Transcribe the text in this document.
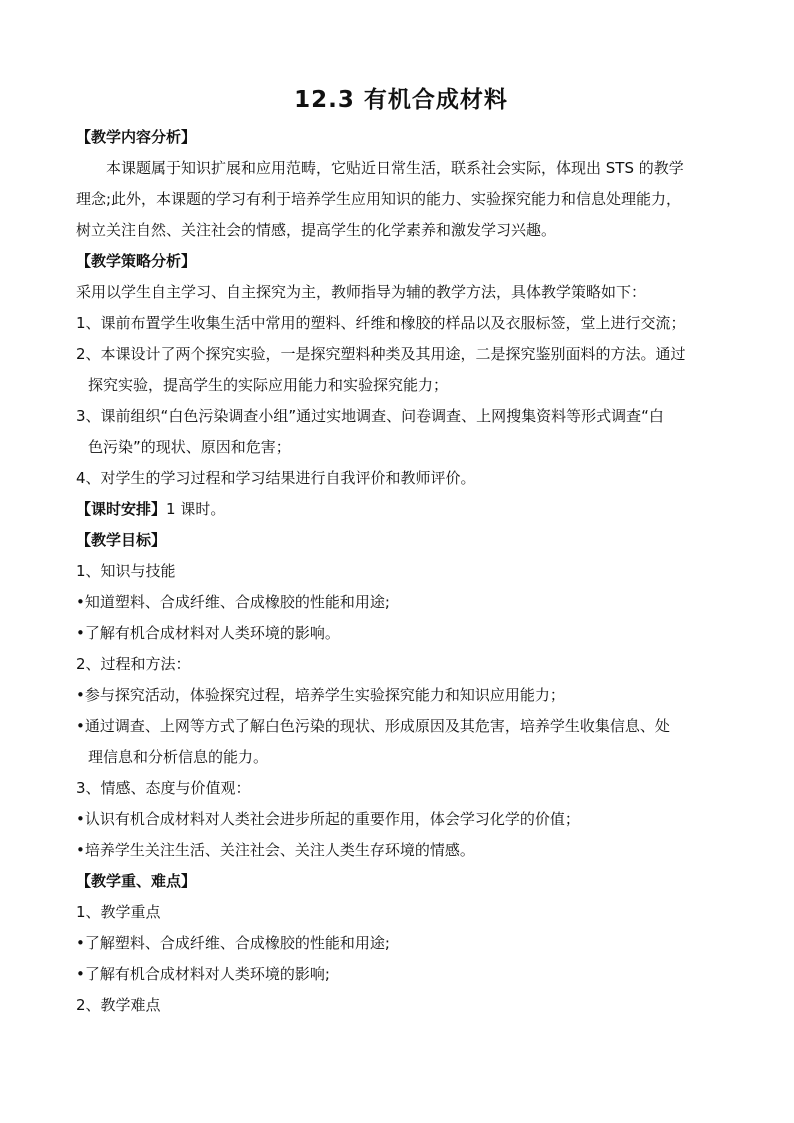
12.3 有机合成材料
【教学内容分析】
本课题属于知识扩展和应用范畴，它贴近日常生活，联系社会实际，体现出 STS 的教学
理念;此外，本课题的学习有利于培养学生应用知识的能力、实验探究能力和信息处理能力，
树立关注自然、关注社会的情感，提高学生的化学素养和激发学习兴趣。
【教学策略分析】
采用以学生自主学习、自主探究为主，教师指导为辅的教学方法，具体教学策略如下：
1、课前布置学生收集生活中常用的塑料、纤维和橡胶的样品以及衣服标签，堂上进行交流；
2、本课设计了两个探究实验，一是探究塑料种类及其用途，二是探究鉴别面料的方法。通过
探究实验，提高学生的实际应用能力和实验探究能力；
3、课前组织“白色污染调查小组”通过实地调查、问卷调查、上网搜集资料等形式调查“白
色污染”的现状、原因和危害；
4、对学生的学习过程和学习结果进行自我评价和教师评价。
【课时安排】1 课时。
【教学目标】
1、知识与技能
•知道塑料、合成纤维、合成橡胶的性能和用途;
•了解有机合成材料对人类环境的影响。
2、过程和方法：
•参与探究活动，体验探究过程，培养学生实验探究能力和知识应用能力；
•通过调查、上网等方式了解白色污染的现状、形成原因及其危害，培养学生收集信息、处
理信息和分析信息的能力。
3、情感、态度与价值观：
•认识有机合成材料对人类社会进步所起的重要作用，体会学习化学的价值；
•培养学生关注生活、关注社会、关注人类生存环境的情感。
【教学重、难点】
1、教学重点
•了解塑料、合成纤维、合成橡胶的性能和用途;
•了解有机合成材料对人类环境的影响;
2、教学难点
